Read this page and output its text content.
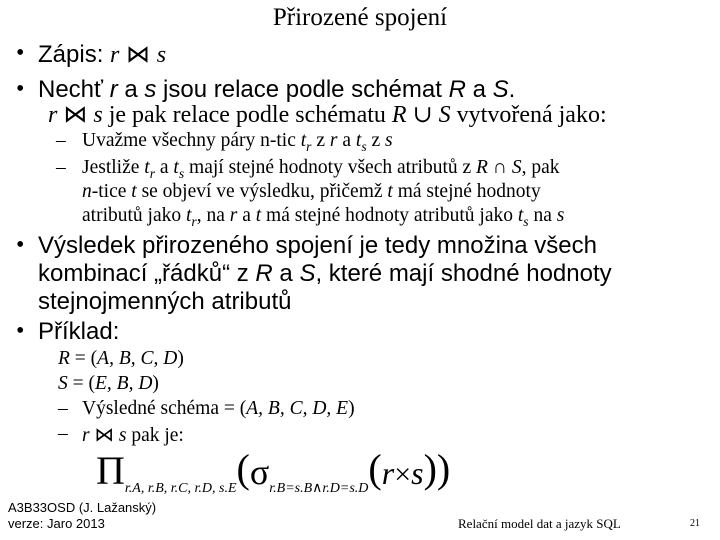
Přirozené spojení
• Zápis: r ⋈ s
• Nechť r a s jsou relace podle schémat R a S.
r ⋈ s je pak relace podle schématu R ∪ S vytvořená jako:
– Uvažme všechny páry n-tic $t_r$ z r a $t_s$ z s
– Jestliže $t_r$ a $t_s$ mají stejné hodnoty všech atributů z R ∩ S, pak
n-tice t se objeví ve výsledku, přičemž t má stejné hodnoty
atributů jako $t_r$, na r a t má stejné hodnoty atributů jako $t_s$ na s
• Výsledek přirozeného spojení je tedy množina všech
kombinací „řádků“ z R a S, které mají shodné hodnoty
stejnojmenných atributů
• Příklad:
R = (A, B, C, D)
S = (E, B, D)
– Výsledné schéma = (A, B, C, D, E)
– r ⋈ s pak je:
Πr.A, r.B, r.C, r.D, s.E(σr.B=s.B∧r.D=s.D(r×s))
A3B33OSD (J. Lažanský)
verze: Jaro 2013	Relační model dat a jazyk SQL	21
